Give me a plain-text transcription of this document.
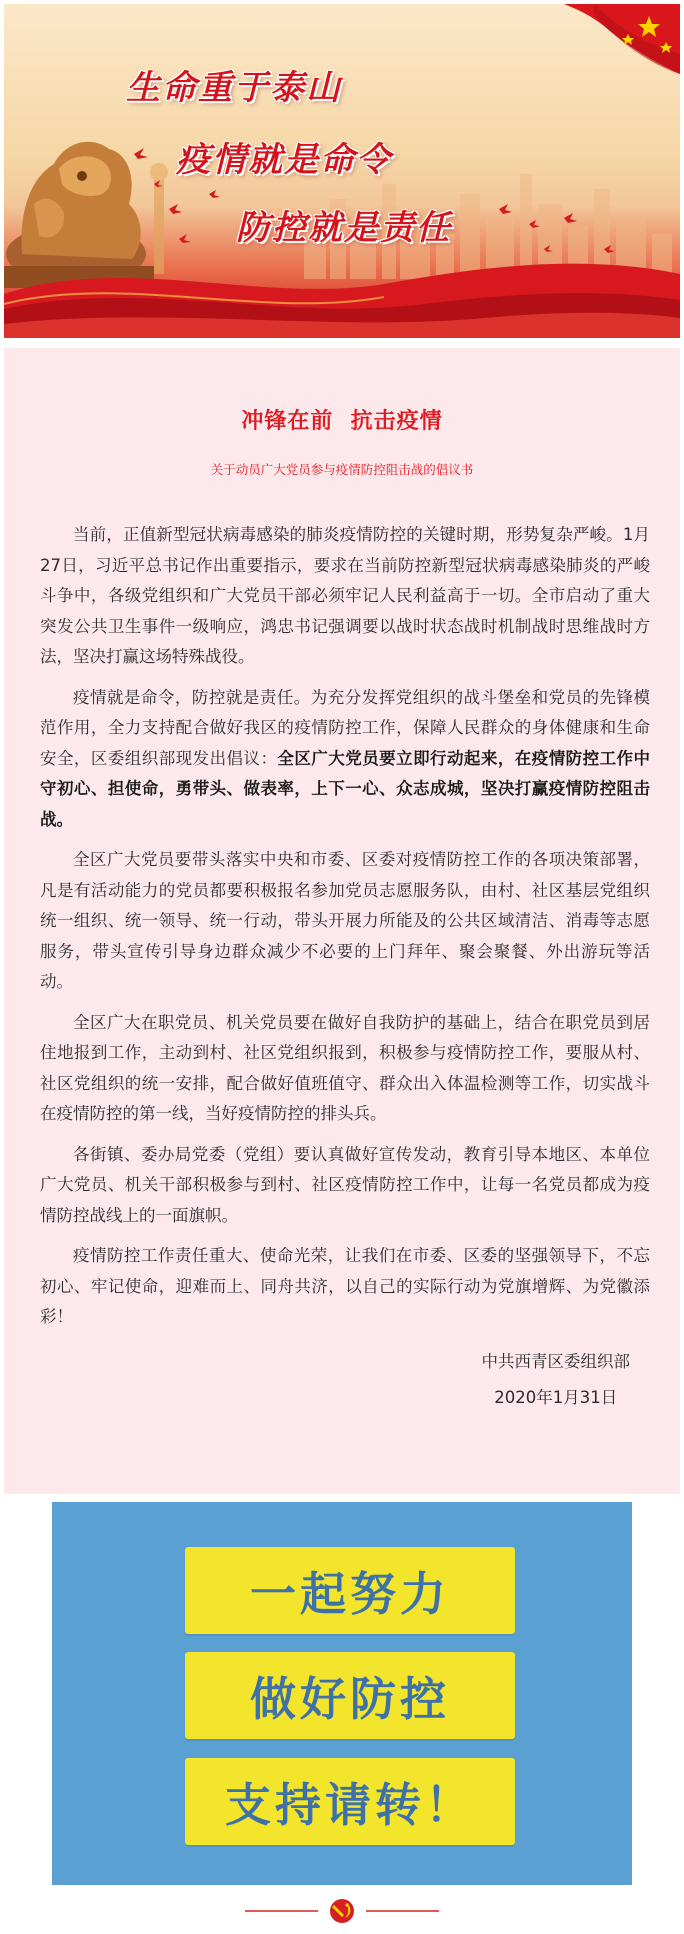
生命重于泰山
疫情就是命令
防控就是责任
冲锋在前  抗击疫情
关于动员广大党员参与疫情防控阻击战的倡议书

当前，正值新型冠状病毒感染的肺炎疫情防控的关键时期，形势复杂严峻。1月27日，习近平总书记作出重要指示，要求在当前防控新型冠状病毒感染肺炎的严峻斗争中，各级党组织和广大党员干部必须牢记人民利益高于一切。全市启动了重大突发公共卫生事件一级响应，鸿忠书记强调要以战时状态战时机制战时思维战时方法，坚决打赢这场特殊战役。

疫情就是命令，防控就是责任。为充分发挥党组织的战斗堡垒和党员的先锋模范作用，全力支持配合做好我区的疫情防控工作，保障人民群众的身体健康和生命安全，区委组织部现发出倡议：全区广大党员要立即行动起来，在疫情防控工作中守初心、担使命，勇带头、做表率，上下一心、众志成城，坚决打赢疫情防控阻击战。

全区广大党员要带头落实中央和市委、区委对疫情防控工作的各项决策部署，凡是有活动能力的党员都要积极报名参加党员志愿服务队，由村、社区基层党组织统一组织、统一领导、统一行动，带头开展力所能及的公共区域清洁、消毒等志愿服务，带头宣传引导身边群众减少不必要的上门拜年、聚会聚餐、外出游玩等活动。

全区广大在职党员、机关党员要在做好自我防护的基础上，结合在职党员到居住地报到工作，主动到村、社区党组织报到，积极参与疫情防控工作，要服从村、社区党组织的统一安排，配合做好值班值守、群众出入体温检测等工作，切实战斗在疫情防控的第一线，当好疫情防控的排头兵。

各街镇、委办局党委（党组）要认真做好宣传发动，教育引导本地区、本单位广大党员、机关干部积极参与到村、社区疫情防控工作中，让每一名党员都成为疫情防控战线上的一面旗帜。

疫情防控工作责任重大、使命光荣，让我们在市委、区委的坚强领导下，不忘初心、牢记使命，迎难而上、同舟共济，以自己的实际行动为党旗增辉、为党徽添彩！

中共西青区委组织部
2020年1月31日
一起努力
做好防控
支持请转！
